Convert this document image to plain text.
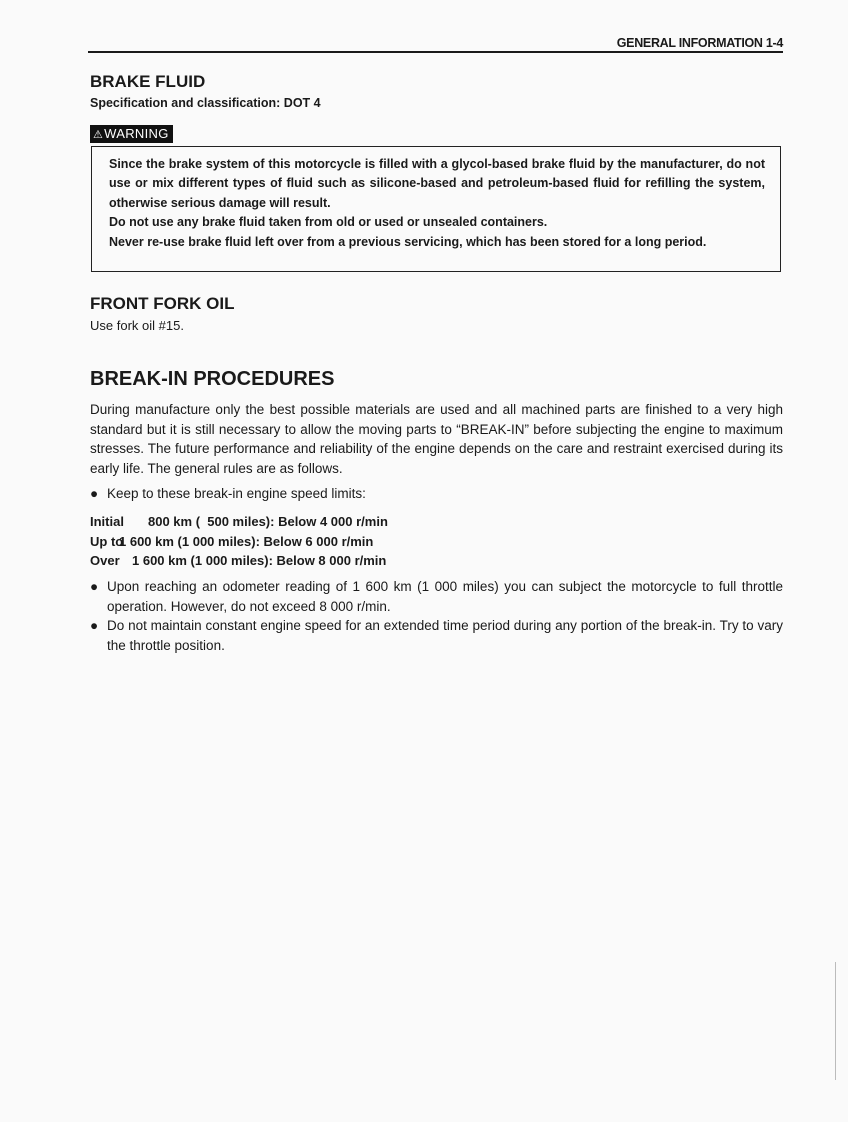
GENERAL INFORMATION 1-4
BRAKE FLUID
Specification and classification: DOT 4
⚠WARNING

Since the brake system of this motorcycle is filled with a glycol-based brake fluid by the manufacturer, do not use or mix different types of fluid such as silicone-based and petroleum-based fluid for refilling the system, otherwise serious damage will result.

Do not use any brake fluid taken from old or used or unsealed containers.

Never re-use brake fluid left over from a previous servicing, which has been stored for a long period.

FRONT FORK OIL
Use fork oil #15.
BREAK-IN PROCEDURES
During manufacture only the best possible materials are used and all machined parts are finished to a very high standard but it is still necessary to allow the moving parts to “BREAK-IN” before subjecting the engine to maximum stresses. The future performance and reliability of the engine depends on the care and restraint exercised during its early life. The general rules are as follows.
● Keep to these break-in engine speed limits:
Initial 800 km (  500 miles): Below 4 000 r/min
Up to1 600 km (1 000 miles): Below 6 000 r/min
Over 1 600 km (1 000 miles): Below 8 000 r/min
● Upon reaching an odometer reading of 1 600 km (1 000 miles) you can subject the motorcycle to full throttle operation. However, do not exceed 8 000 r/min.
● Do not maintain constant engine speed for an extended time period during any portion of the break-in. Try to vary the throttle position.
